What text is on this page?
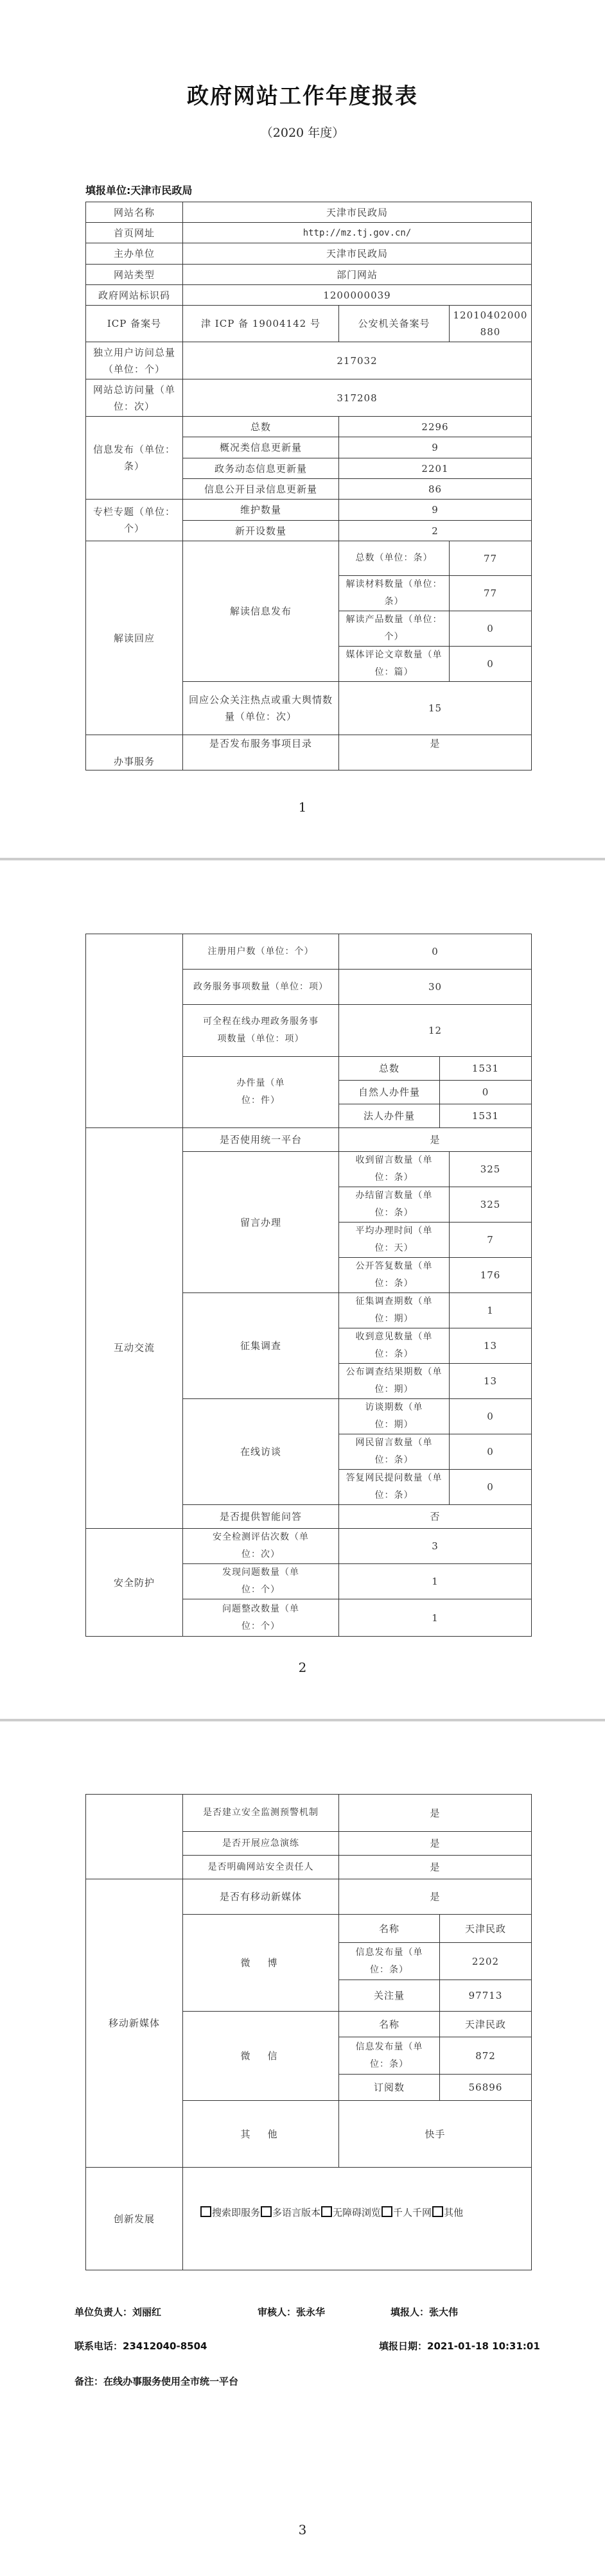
政府网站工作年度报表
（2020 年度）
填报单位:天津市民政局
网站名称	天津市民政局		
首页网址	http://mz.tj.gov.cn/		
主办单位	天津市民政局		
网站类型	部门网站		
政府网站标识码	1200000039		
ICP 备案号	津 ICP 备 19004142 号	公安机关备案号	12010402000880
独立用户访问总量（单位：个）	217032		
网站总访问量（单位：次）	317208		
信息发布（单位：条）	总数	2296	
	概况类信息更新量	9	
	政务动态信息更新量	2201	
	信息公开目录信息更新量	86	
专栏专题（单位：个）	维护数量	9	
	新开设数量	2	
解读回应	解读信息发布	总数（单位：条）	77
		解读材料数量（单位：条）	77
		解读产品数量（单位：个）	0
		媒体评论文章数量（单位：篇）	0
	回应公众关注热点或重大舆情数量（单位：次）	15	
办事服务	是否发布服务事项目录	是	
1
	注册用户数（单位：个）	0	
	政务服务事项数量（单位：项）	30	
	可全程在线办理政务服务事项数量（单位：项）	12	
	办件量（单位：件）	总数	1531
		自然人办件量	0
		法人办件量	1531
互动交流	是否使用统一平台	是	
	留言办理	收到留言数量（单位：条）	325
		办结留言数量（单位：条）	325
		平均办理时间（单位：天）	7
		公开答复数量（单位：条）	176
	征集调查	征集调查期数（单位：期）	1
		收到意见数量（单位：条）	13
		公布调查结果期数（单位：期）	13
	在线访谈	访谈期数（单位：期）	0
		网民留言数量（单位：条）	0
		答复网民提问数量（单位：条）	0
	是否提供智能问答	否	
安全防护	安全检测评估次数（单位：次）	3	
	发现问题数量（单位：个）	1	
	问题整改数量（单位：个）	1	
2
	是否建立安全监测预警机制	是	
	是否开展应急演练	是	
	是否明确网站安全责任人	是	
移动新媒体	是否有移动新媒体	是	
	微　博	名称	天津民政
		信息发布量（单位：条）	2202
		关注量	97713
	微　信	名称	天津民政
		信息发布量（单位：条）	872
		订阅数	56896
	其　他	快手	
创新发展	搜索即服务 多语言版本 无障碍浏览 千人千网 其他		
单位负责人：刘丽红	审核人：张永华	填报人：张大伟
联系电话：23412040-8504	填报日期：2021-01-18 10:31:01
备注：在线办事服务使用全市统一平台
3
